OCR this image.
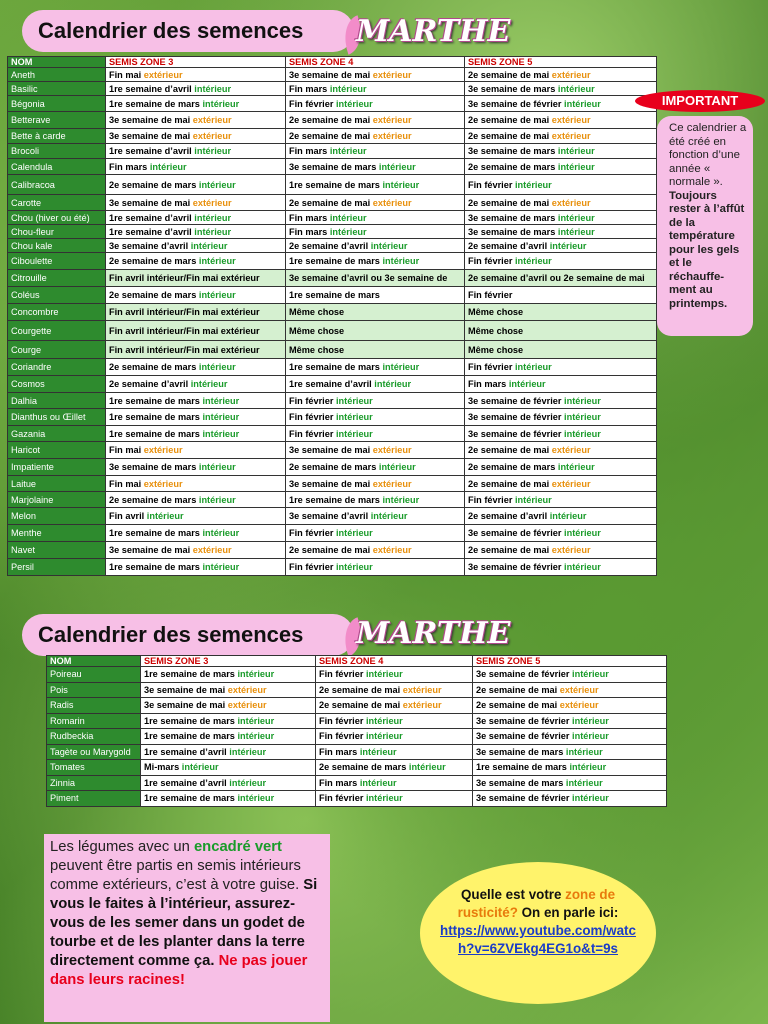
Calendrier des semences	MARTHE
NOM	SEMIS ZONE 3	SEMIS ZONE 4	SEMIS ZONE 5
Aneth	Fin mai extérieur	3e semaine de mai extérieur	2e semaine de mai extérieur
Basilic	1re semaine d’avril intérieur	Fin mars intérieur	3e semaine de mars intérieur
Bégonia	1re semaine de mars intérieur	Fin février intérieur	3e semaine de février intérieur
Betterave	3e semaine de mai extérieur	2e semaine de mai extérieur	2e semaine de mai extérieur
Bette à carde	3e semaine de mai extérieur	2e semaine de mai extérieur	2e semaine de mai extérieur
Brocoli	1re semaine d’avril intérieur	Fin mars intérieur	3e semaine de mars intérieur
Calendula	Fin mars intérieur	3e semaine de mars intérieur	2e semaine de mars intérieur
Calibracoa	2e semaine de mars intérieur	1re semaine de mars intérieur	Fin février intérieur
Carotte	3e semaine de mai extérieur	2e semaine de mai extérieur	2e semaine de mai extérieur
Chou (hiver ou été)	1re semaine d’avril intérieur	Fin mars intérieur	3e semaine de mars intérieur
Chou-fleur	1re semaine d’avril intérieur	Fin mars intérieur	3e semaine de mars intérieur
Chou kale	3e semaine d’avril intérieur	2e semaine d’avril intérieur	2e semaine d’avril intérieur
Ciboulette	2e semaine de mars intérieur	1re semaine de mars intérieur	Fin février intérieur
Citrouille	Fin avril intérieur/Fin mai extérieur	3e semaine d’avril ou 3e semaine de	2e semaine d’avril ou 2e semaine de mai
Coléus	2e semaine de mars intérieur	1re semaine de mars	Fin février
Concombre	Fin avril intérieur/Fin mai extérieur	Même chose	Même chose
Courgette	Fin avril intérieur/Fin mai extérieur	Même chose	Même chose
Courge	Fin avril intérieur/Fin mai extérieur	Même chose	Même chose
Coriandre	2e semaine de mars intérieur	1re semaine de mars intérieur	Fin février intérieur
Cosmos	2e semaine d’avril intérieur	1re semaine d’avril intérieur	Fin mars intérieur
Dalhia	1re semaine de mars intérieur	Fin février intérieur	3e semaine de février intérieur
Dianthus ou Œillet	1re semaine de mars intérieur	Fin février intérieur	3e semaine de février intérieur
Gazania	1re semaine de mars intérieur	Fin février intérieur	3e semaine de février intérieur
Haricot	Fin mai extérieur	3e semaine de mai extérieur	2e semaine de mai extérieur
Impatiente	3e semaine de mars intérieur	2e semaine de mars intérieur	2e semaine de mars intérieur
Laitue	Fin mai extérieur	3e semaine de mai extérieur	2e semaine de mai extérieur
Marjolaine	2e semaine de mars intérieur	1re semaine de mars intérieur	Fin février intérieur
Melon	Fin avril intérieur	3e semaine d’avril intérieur	2e semaine d’avril intérieur
Menthe	1re semaine de mars intérieur	Fin février intérieur	3e semaine de février intérieur
Navet	3e semaine de mai extérieur	2e semaine de mai extérieur	2e semaine de mai extérieur
Persil	1re semaine de mars intérieur	Fin février intérieur	3e semaine de février intérieur
IMPORTANT
Ce calendrier a été créé en fonction d’une année « normale ».
Toujours rester à l’affût de la température pour les gels et le réchauffe-ment au printemps.
Calendrier des semences	MARTHE
NOM	SEMIS ZONE 3	SEMIS ZONE 4	SEMIS ZONE 5
Poireau	1re semaine de mars intérieur	Fin février intérieur	3e semaine de février intérieur
Pois	3e semaine de mai extérieur	2e semaine de mai extérieur	2e semaine de mai extérieur
Radis	3e semaine de mai extérieur	2e semaine de mai extérieur	2e semaine de mai extérieur
Romarin	1re semaine de mars intérieur	Fin février intérieur	3e semaine de février intérieur
Rudbeckia	1re semaine de mars intérieur	Fin février intérieur	3e semaine de février intérieur
Tagète ou Marygold	1re semaine d’avril intérieur	Fin mars intérieur	3e semaine de mars intérieur
Tomates	Mi-mars intérieur	2e semaine de mars intérieur	1re semaine de mars intérieur
Zinnia	1re semaine d’avril intérieur	Fin mars intérieur	3e semaine de mars intérieur
Piment	1re semaine de mars intérieur	Fin février intérieur	3e semaine de février intérieur
Les légumes avec un encadré vert peuvent être partis en semis intérieurs comme extérieurs, c’est à votre guise. Si vous le faites à l’intérieur, assurez-vous de les semer dans un godet de tourbe et de les planter dans la terre directement comme ça. Ne pas jouer dans leurs racines!
Quelle est votre zone de rusticité? On en parle ici:
https://www.youtube.com/watch?v=6ZVEkg4EG1o&t=9s
